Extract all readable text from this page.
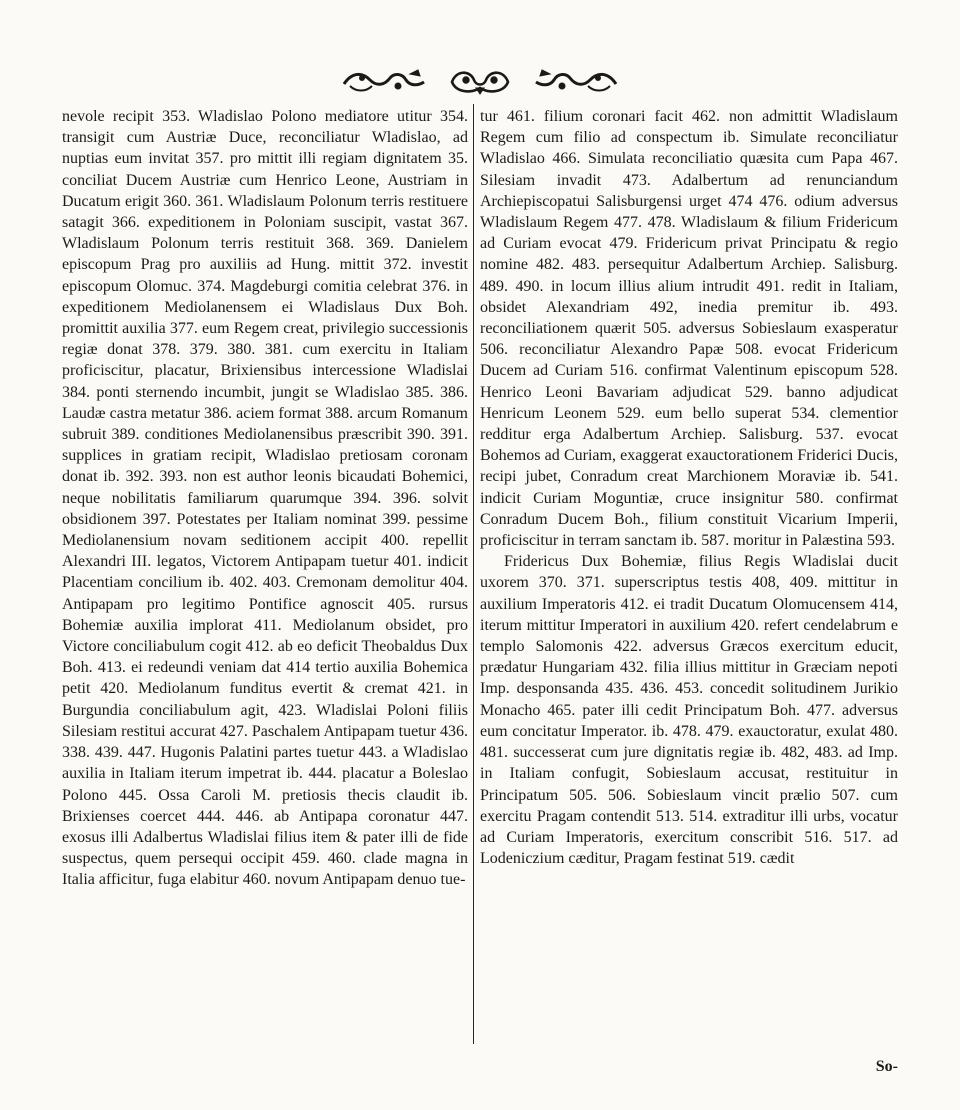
nevole recipit 353. Wladislao Polono mediatore utitur 354. transigit cum Austriæ Duce, reconciliatur Wladislao, ad nuptias eum invitat 357. pro mittit illi regiam dignitatem 35. conciliat Ducem Austriæ cum Henrico Leone, Austriam in Ducatum erigit 360. 361. Wladislaum Polonum terris restituere satagit 366. expeditionem in Poloniam suscipit, vastat 367. Wladislaum Polonum terris restituit 368. 369. Danielem episcopum Prag pro auxiliis ad Hung. mittit 372. investit episcopum Olomuc. 374. Magdeburgi comitia celebrat 376. in expeditionem Mediolanensem ei Wladislaus Dux Boh. promittit auxilia 377. eum Regem creat, privilegio successionis regiæ donat 378. 379. 380. 381. cum exercitu in Italiam proficiscitur, placatur, Brixiensibus intercessione Wladislai 384. ponti sternendo incumbit, jungit se Wladislao 385. 386. Laudæ castra metatur 386. aciem format 388. arcum Romanum subruit 389. conditiones Mediolanensibus præscribit 390. 391. supplices in gratiam recipit, Wladislao pretiosam coronam donat ib. 392. 393. non est author leonis bicaudati Bohemici, neque nobilitatis familiarum quarumque 394. 396. solvit obsidionem 397. Potestates per Italiam nominat 399. pessime Mediolanensium novam seditionem accipit 400. repellit Alexandri III. legatos, Victorem Antipapam tuetur 401. indicit Placentiam concilium ib. 402. 403. Cremonam demolitur 404. Antipapam pro legitimo Pontifice agnoscit 405. rursus Bohemiæ auxilia implorat 411. Mediolanum obsidet, pro Victore conciliabulum cogit 412. ab eo deficit Theobaldus Dux Boh. 413. ei redeundi veniam dat 414 tertio auxilia Bohemica petit 420. Mediolanum funditus evertit & cremat 421. in Burgundia conciliabulum agit, 423. Wladislai Poloni filiis Silesiam restitui accurat 427. Paschalem Antipapam tuetur 436. 338. 439. 447. Hugonis Palatini partes tuetur 443. a Wladislao auxilia in Italiam iterum impetrat ib. 444. placatur a Boleslao Polono 445. Ossa Caroli M. pretiosis thecis claudit ib. Brixienses coercet 444. 446. ab Antipapa coronatur 447. exosus illi Adalbertus Wladislai filius item & pater illi de fide suspectus, quem persequi occipit 459. 460. clade magna in Italia afficitur, fuga elabitur 460. novum Antipapam denuo tue-

tur 461. filium coronari facit 462. non admittit Wladislaum Regem cum filio ad conspectum ib. Simulate reconciliatur Wladislao 466. Simulata reconciliatio quæsita cum Papa 467. Silesiam invadit 473. Adalbertum ad renunciandum Archiepiscopatui Salisburgensi urget 474 476. odium adversus Wladislaum Regem 477. 478. Wladislaum & filium Fridericum ad Curiam evocat 479. Fridericum privat Principatu & regio nomine 482. 483. persequitur Adalbertum Archiep. Salisburg. 489. 490. in locum illius alium intrudit 491. redit in Italiam, obsidet Alexandriam 492, inedia premitur ib. 493. reconciliationem quærit 505. adversus Sobieslaum exasperatur 506. reconciliatur Alexandro Papæ 508. evocat Fridericum Ducem ad Curiam 516. confirmat Valentinum episcopum 528. Henrico Leoni Bavariam adjudicat 529. banno adjudicat Henricum Leonem 529. eum bello superat 534. clementior redditur erga Adalbertum Archiep. Salisburg. 537. evocat Bohemos ad Curiam, exaggerat exauctorationem Friderici Ducis, recipi jubet, Conradum creat Marchionem Moraviæ ib. 541. indicit Curiam Moguntiæ, cruce insignitur 580. confirmat Conradum Ducem Boh., filium constituit Vicarium Imperii, proficiscitur in terram sanctam ib. 587. moritur in Palæstina 593.

Fridericus Dux Bohemiæ, filius Regis Wladislai ducit uxorem 370. 371. superscriptus testis 408, 409. mittitur in auxilium Imperatoris 412. ei tradit Ducatum Olomucensem 414, iterum mittitur Imperatori in auxilium 420. refert cendelabrum e templo Salomonis 422. adversus Græcos exercitum educit, prædatur Hungariam 432. filia illius mittitur in Græciam nepoti Imp. desponsanda 435. 436. 453. concedit solitudinem Jurikio Monacho 465. pater illi cedit Principatum Boh. 477. adversus eum concitatur Imperator. ib. 478. 479. exauctoratur, exulat 480. 481. successerat cum jure dignitatis regiæ ib. 482, 483. ad Imp. in Italiam confugit, Sobieslaum accusat, restituitur in Principatum 505. 506. Sobieslaum vincit prælio 507. cum exercitu Pragam contendit 513. 514. extraditur illi urbs, vocatur ad Curiam Imperatoris, exercitum conscribit 516. 517. ad Lodeniczium cæditur, Pragam festinat 519. cædit

So-
